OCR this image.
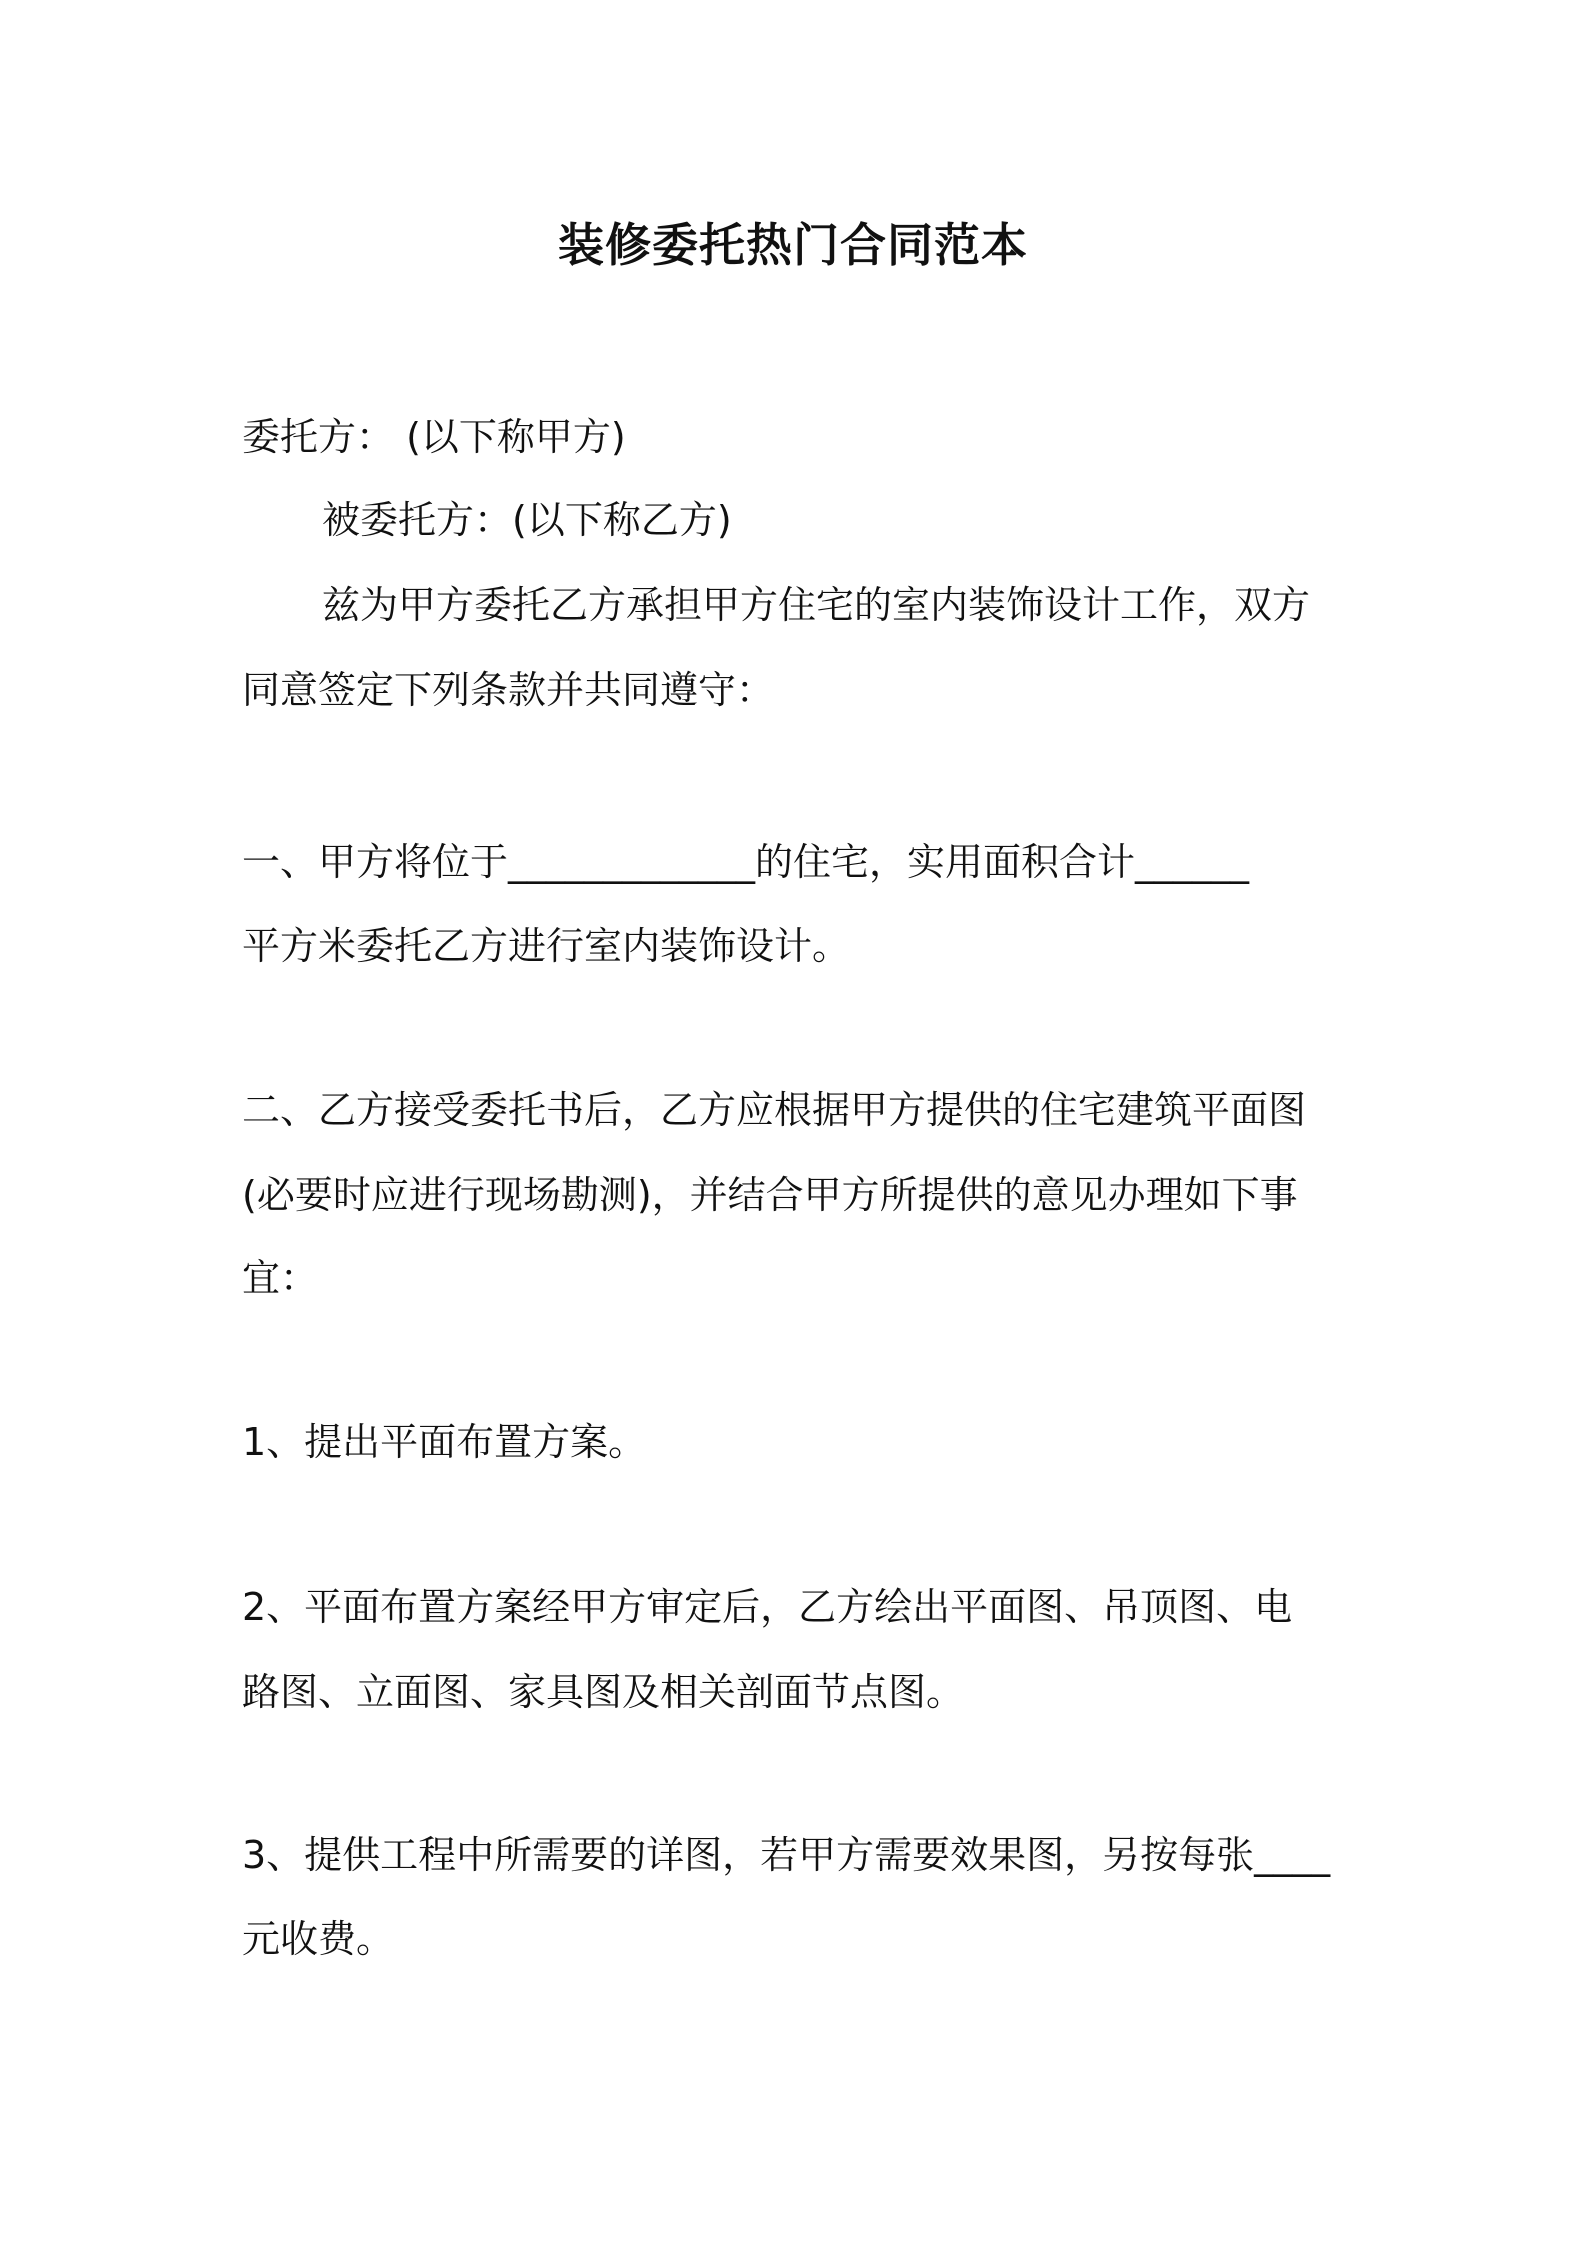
装修委托热门合同范本
委托方： (以下称甲方)
被委托方：(以下称乙方)
兹为甲方委托乙方承担甲方住宅的室内装饰设计工作，双方
同意签定下列条款并共同遵守：
一、甲方将位于_____________的住宅，实用面积合计______
平方米委托乙方进行室内装饰设计。
二、乙方接受委托书后，乙方应根据甲方提供的住宅建筑平面图
(必要时应进行现场勘测)，并结合甲方所提供的意见办理如下事
宜：
1、提出平面布置方案。
2、平面布置方案经甲方审定后，乙方绘出平面图、吊顶图、电
路图、立面图、家具图及相关剖面节点图。
3、提供工程中所需要的详图，若甲方需要效果图，另按每张____
元收费。
